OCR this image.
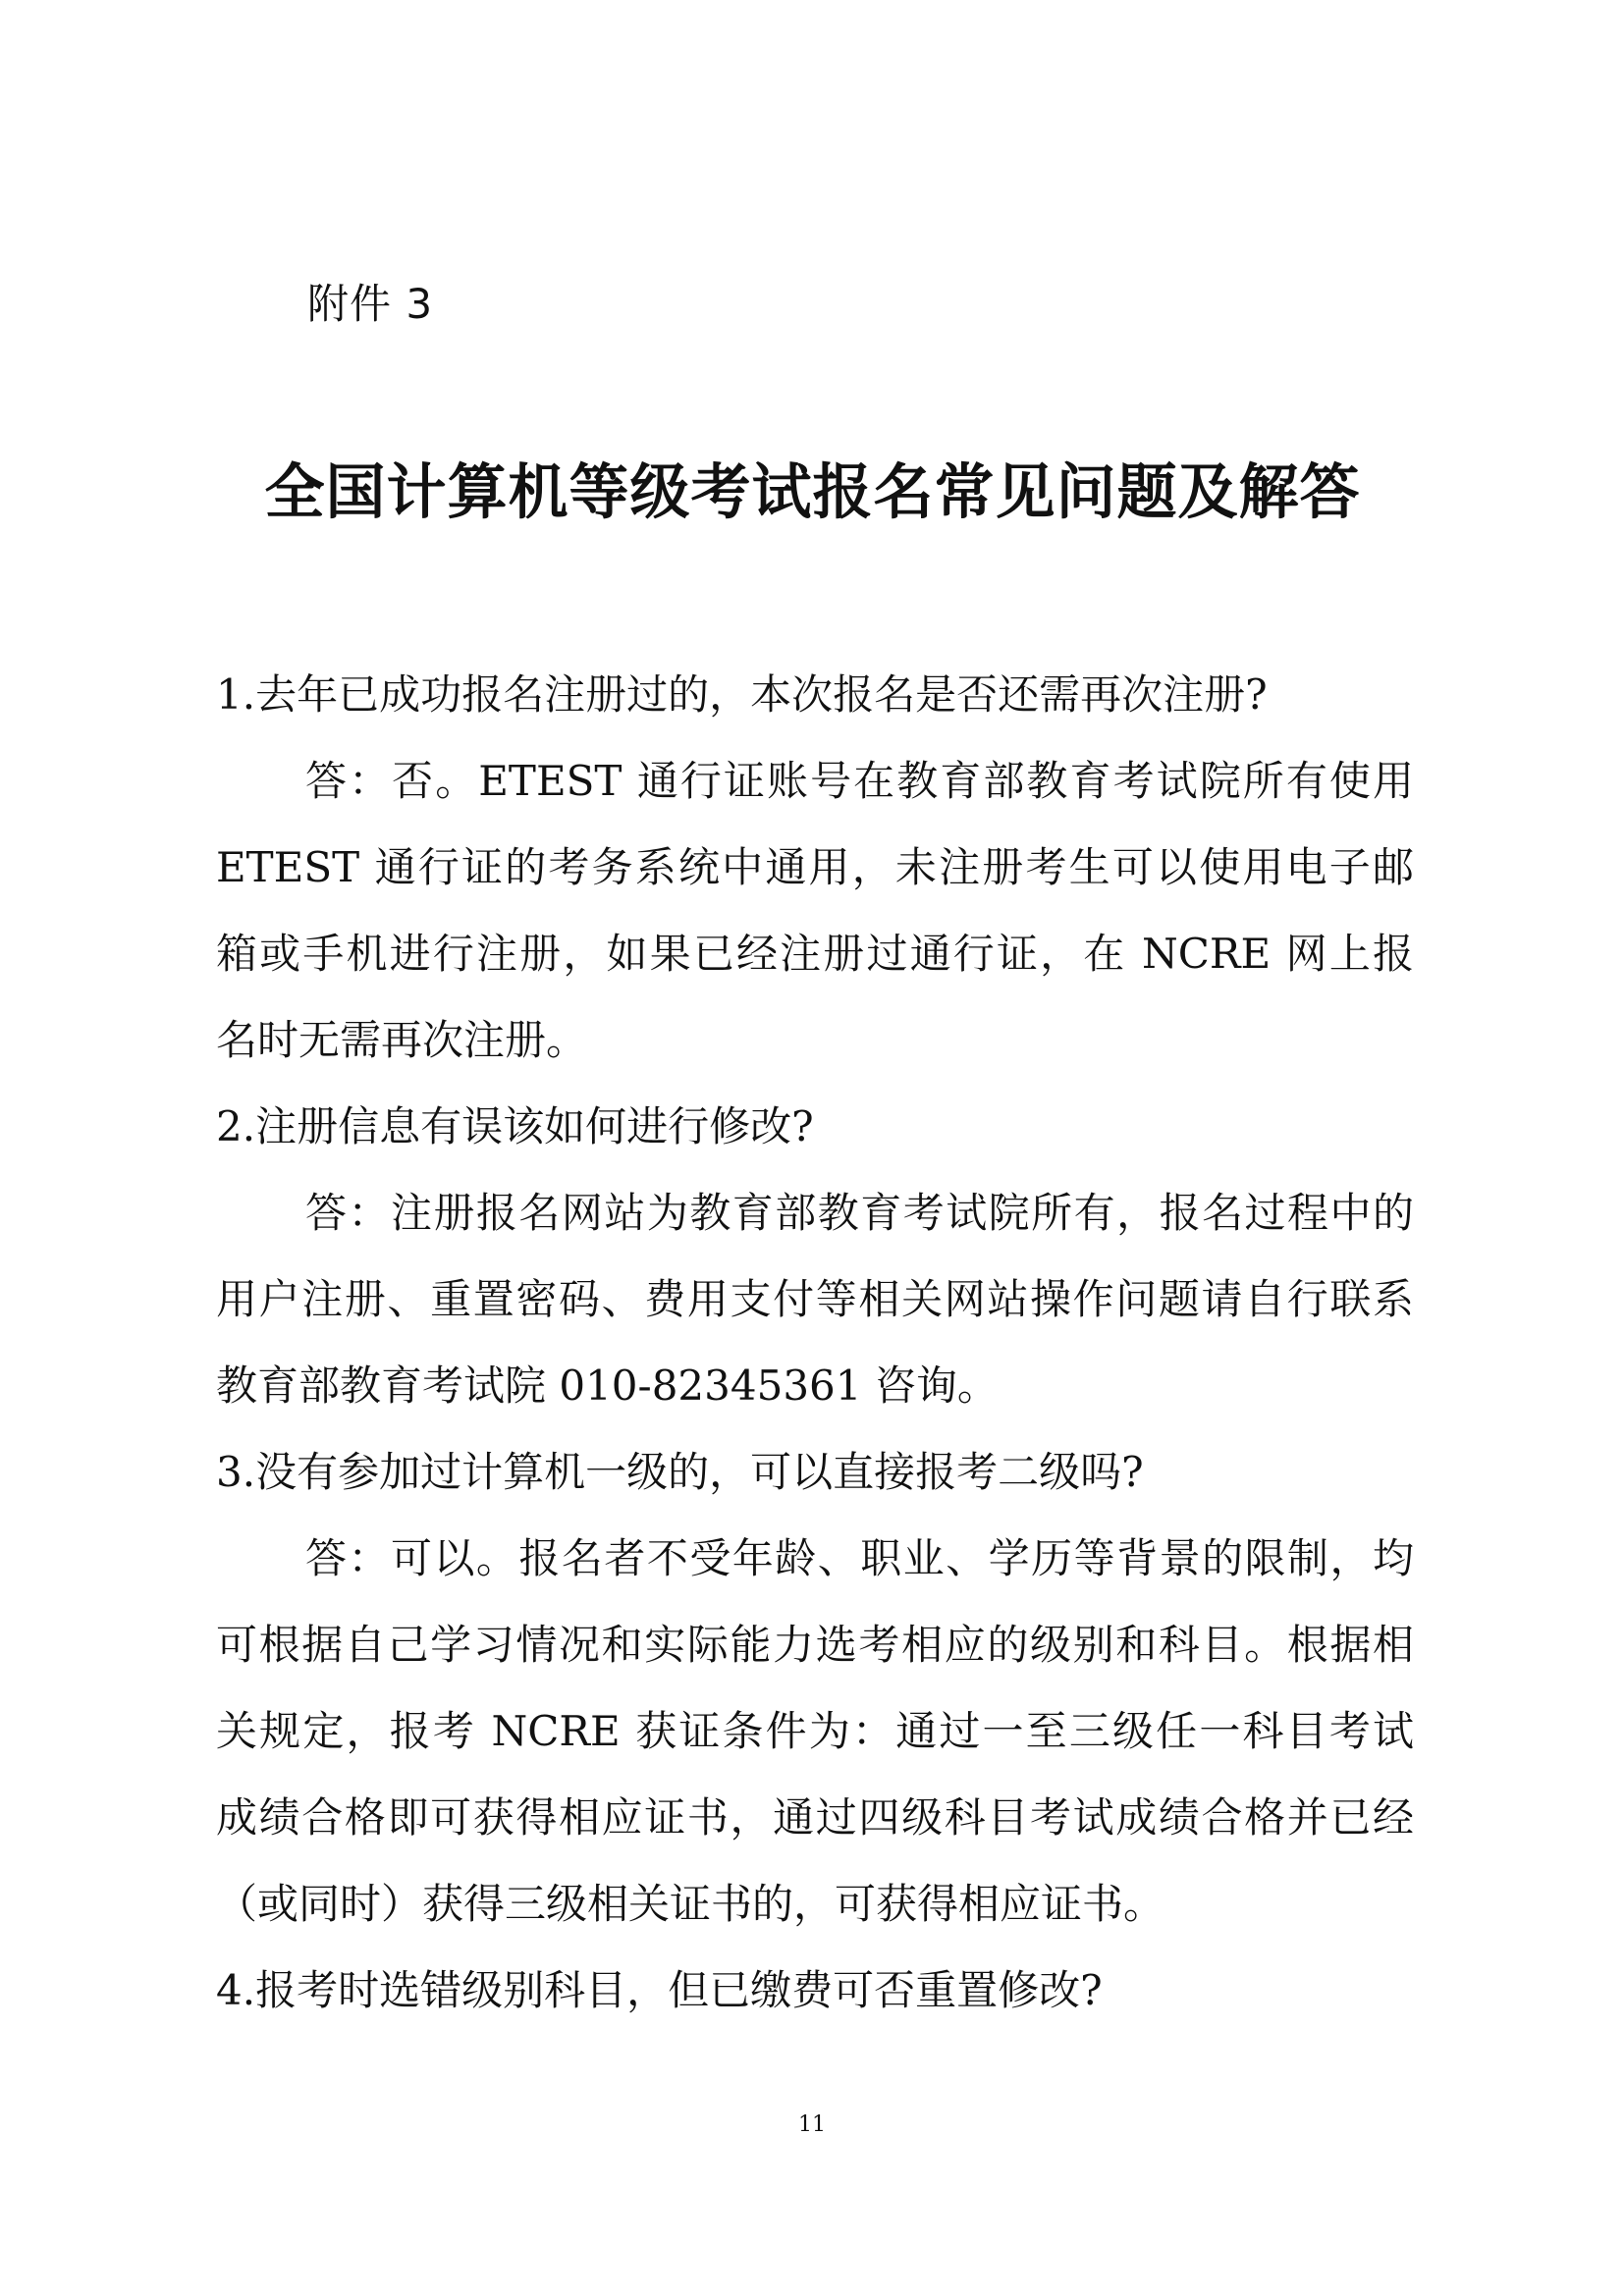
附件 3
全国计算机等级考试报名常见问题及解答
1.去年已成功报名注册过的，本次报名是否还需再次注册?
答：否。ETEST 通行证账号在教育部教育考试院所有使用
ETEST 通行证的考务系统中通用，未注册考生可以使用电子邮
箱或手机进行注册，如果已经注册过通行证，在 NCRE 网上报
名时无需再次注册。
2.注册信息有误该如何进行修改?
答：注册报名网站为教育部教育考试院所有，报名过程中的
用户注册、重置密码、费用支付等相关网站操作问题请自行联系
教育部教育考试院 010-82345361 咨询。
3.没有参加过计算机一级的，可以直接报考二级吗?
答：可以。报名者不受年龄、职业、学历等背景的限制，均
可根据自己学习情况和实际能力选考相应的级别和科目。根据相
关规定，报考 NCRE 获证条件为：通过一至三级任一科目考试
成绩合格即可获得相应证书，通过四级科目考试成绩合格并已经
（或同时）获得三级相关证书的，可获得相应证书。
4.报考时选错级别科目，但已缴费可否重置修改?
11
